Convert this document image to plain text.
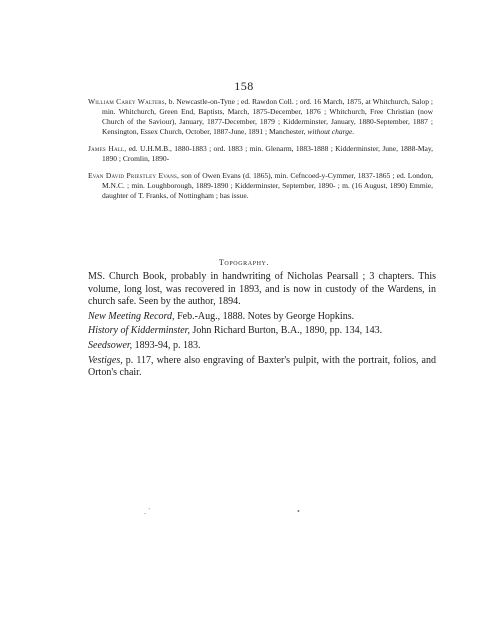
158

William Carey Walters, b. Newcastle-on-Tyne ; ed. Rawdon Coll. ; ord. 16 March, 1875, at Whitchurch, Salop ; min. Whitchurch, Green End, Baptists, March, 1875-December, 1876 ; Whitchurch, Free Christian (now Church of the Saviour), January, 1877-December, 1879 ; Kidderminster, January, 1880-September, 1887 ; Kensington, Essex Church, October, 1887-June, 1891 ; Manchester, without charge.

James Hall, ed. U.H.M.B., 1880-1883 ; ord. 1883 ; min. Glenarm, 1883-1888 ; Kidderminster, June, 1888-May, 1890 ; Cromlin, 1890-

Evan David Priestley Evans, son of Owen Evans (d. 1865), min. Cefncoed-y-Cymmer, 1837-1865 ; ed. London, M.N.C. ; min. Loughborough, 1889-1890 ; Kidderminster, September, 1890- ; m. (16 August, 1890) Emmie, daughter of T. Franks, of Nottingham ; has issue.

Topography.

MS. Church Book, probably in handwriting of Nicholas Pearsall ; 3 chapters. This volume, long lost, was recovered in 1893, and is now in custody of the Wardens, in church safe. Seen by the author, 1894.

New Meeting Record, Feb.-Aug., 1888. Notes by George Hopkins.

History of Kidderminster, John Richard Burton, B.A., 1890, pp. 134, 143.

Seedsower, 1893-94, p. 183.

Vestiges, p. 117, where also engraving of Baxter's pulpit, with the portrait, folios, and Orton's chair.

. `	•
